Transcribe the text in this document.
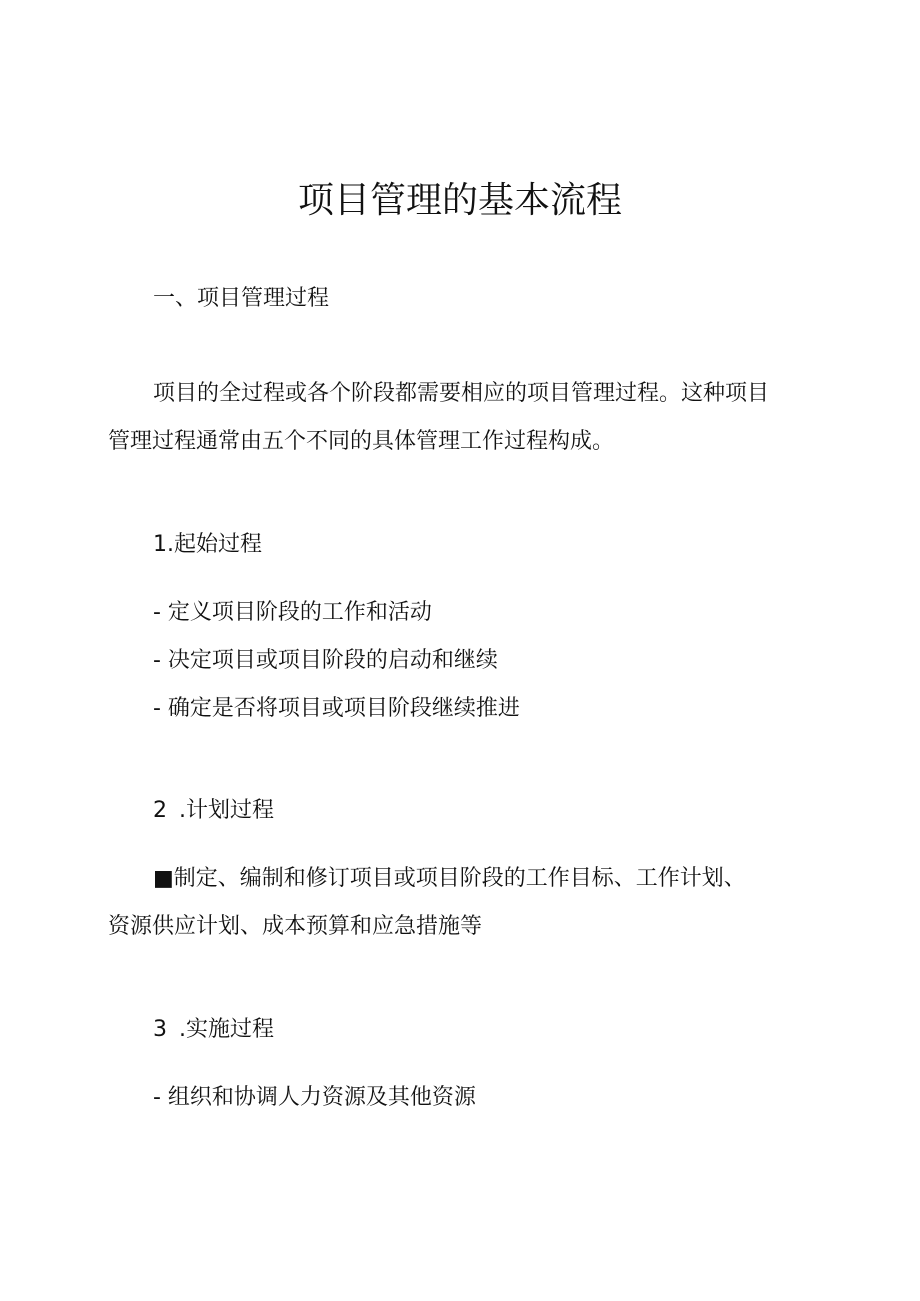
项目管理的基本流程

一、项目管理过程

项目的全过程或各个阶段都需要相应的项目管理过程。这种项目

管理过程通常由五个不同的具体管理工作过程构成。

1.起始过程

- 定义项目阶段的工作和活动

- 决定项目或项目阶段的启动和继续

- 确定是否将项目或项目阶段继续推进

2 .计划过程

■制定、编制和修订项目或项目阶段的工作目标、工作计划、

资源供应计划、成本预算和应急措施等

3 .实施过程

- 组织和协调人力资源及其他资源
